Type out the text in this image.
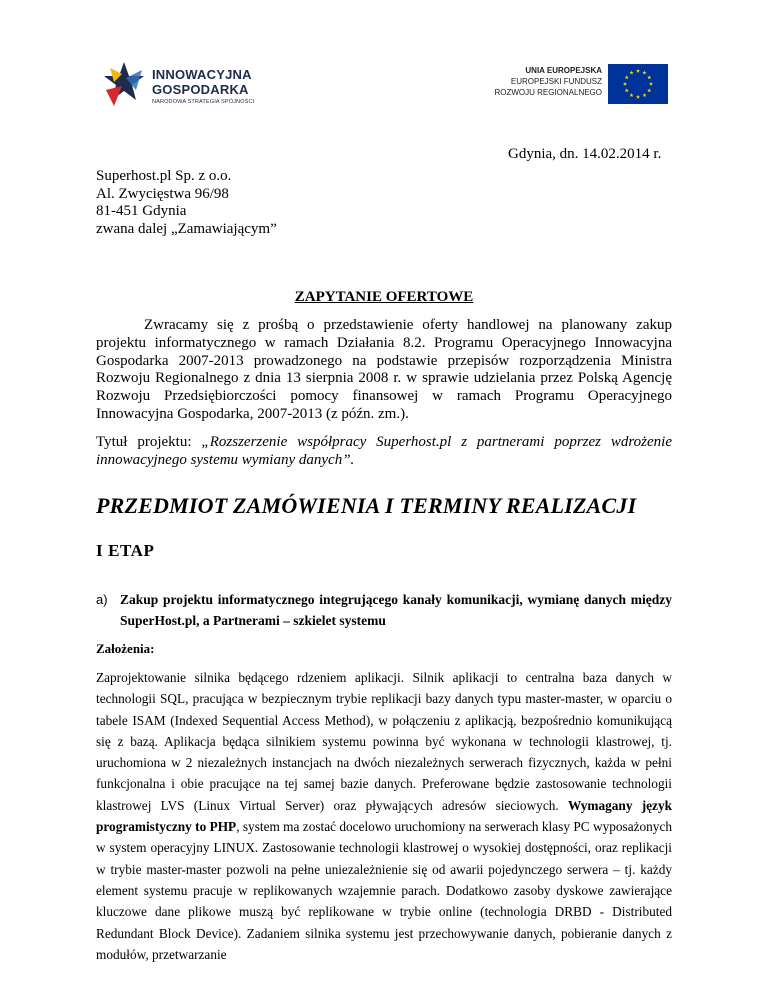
INNOWACYJNA
GOSPODARKA
NARODOWA STRATEGIA SPÓJNOŚCI
UNIA EUROPEJSKA
EUROPEJSKI FUNDUSZ
ROZWOJU REGIONALNEGO
Gdynia, dn. 14.02.2014 r.
Superhost.pl Sp. z o.o.
Al. Zwycięstwa 96/98
81-451 Gdynia
zwana dalej „Zamawiającym”
ZAPYTANIE OFERTOWE

Zwracamy się z prośbą o przedstawienie oferty handlowej na planowany zakup projektu informatycznego w ramach Działania 8.2. Programu Operacyjnego Innowacyjna Gospodarka 2007-2013 prowadzonego na podstawie przepisów rozporządzenia Ministra Rozwoju Regionalnego z dnia 13 sierpnia 2008 r. w sprawie udzielania przez Polską Agencję Rozwoju Przedsiębiorczości pomocy finansowej w ramach Programu Operacyjnego Innowacyjna Gospodarka, 2007-2013 (z późn. zm.).

Tytuł projektu: „Rozszerzenie współpracy Superhost.pl z partnerami poprzez wdrożenie innowacyjnego systemu wymiany danych”.

PRZEDMIOT ZAMÓWIENIA I TERMINY REALIZACJI
I ETAP
a) Zakup projektu informatycznego integrującego kanały komunikacji, wymianę danych między SuperHost.pl, a Partnerami – szkielet systemu
Założenia:

Zaprojektowanie silnika będącego rdzeniem aplikacji. Silnik aplikacji to centralna baza danych w technologii SQL, pracująca w bezpiecznym trybie replikacji bazy danych typu master-master, w oparciu o tabele ISAM (Indexed Sequential Access Method), w połączeniu z aplikacją, bezpośrednio komunikującą się z bazą. Aplikacja będąca silnikiem systemu powinna być wykonana w technologii klastrowej, tj. uruchomiona w 2 niezależnych instancjach na dwóch niezależnych serwerach fizycznych, każda w pełni funkcjonalna i obie pracujące na tej samej bazie danych. Preferowane będzie zastosowanie technologii klastrowej LVS (Linux Virtual Server) oraz pływających adresów sieciowych. Wymagany język programistyczny to PHP, system ma zostać docelowo uruchomiony na serwerach klasy PC wyposażonych w system operacyjny LINUX. Zastosowanie technologii klastrowej o wysokiej dostępności, oraz replikacji w trybie master-master pozwoli na pełne uniezależnienie się od awarii pojedynczego serwera – tj. każdy element systemu pracuje w replikowanych wzajemnie parach. Dodatkowo zasoby dyskowe zawierające kluczowe dane plikowe muszą być replikowane w trybie online (technologia DRBD - Distributed Redundant Block Device). Zadaniem silnika systemu jest przechowywanie danych, pobieranie danych z modułów, przetwarzanie
